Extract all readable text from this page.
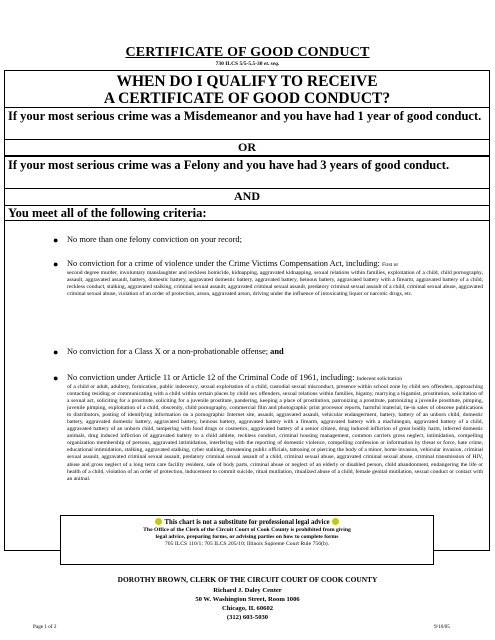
CERTIFICATE OF GOOD CONDUCT
730 ILCS 5/5-5.5-30 et. seq.
WHEN DO I QUALIFY TO RECEIVE
A CERTIFICATE OF GOOD CONDUCT?
If your most serious crime was a Misdemeanor and you have had 1 year of good conduct.
OR
If your most serious crime was a Felony and you have had 3 years of good conduct.
AND
You meet all of the following criteria:
● No more than one felony conviction on your record;
● No conviction for a crime of violence under the Crime Victims Compensation Act, including: First or
second degree murder, involuntary manslaughter and reckless homicide, kidnapping, aggravated kidnapping, sexual relations within families, exploitation of a child, child pornography, assault, aggravated assault, battery, domestic battery, aggravated domestic battery, aggravated battery, heinous battery, aggravated battery with a firearm, aggravated battery of a child, reckless conduct, stalking, aggravated stalking, criminal sexual assault, aggravated criminal sexual assault, predatory criminal sexual assault of a child, criminal sexual abuse, aggravated criminal sexual abuse, violation of an order of protection, arson, aggravated arson, driving under the influence of intoxicating liquor or narcotic drugs, etc.
● No conviction for a Class X or a non-probationable offense; and
● No conviction under Article 11 or Article 12 of the Criminal Code of 1961, including: Indecent solicitation
of a child or adult, adultery, fornication, public indecency, sexual exploitation of a child, custodial sexual misconduct, presence within school zone by child sex offenders, approaching contacting residing or communicating with a child within certain places by child sex offenders, sexual relations within families, bigamy, marrying a bigamist, prostitution, solicitation of a sexual act, soliciting for a prostitute, soliciting for a juvenile prostitute, pandering, keeping a place of prostitution, patronizing a prostitute, patronizing a juvenile prostitute, pimping, juvenile pimping, exploitation of a child, obscenity, child pornography, commercial film and photographic print processor reports, harmful material, tie-in sales of obscene publications to distributors, posting of identifying information on a pornographic Internet site, assault, aggravated assault, vehicular endangerment, battery, battery of an unborn child, domestic battery, aggravated domestic battery, aggravated battery, heinous battery, aggravated battery with a firearm, aggravated battery with a machinegun, aggravated battery of a child, aggravated battery of an unborn child, tampering with food drugs or cosmetics, aggravated battery of a senior citizen, drug induced infliction of great bodily harm, infected domestic animals, drug induced infliction of aggravated battery to a child athlete, reckless conduct, criminal housing management, common carriers gross neglect, intimidation, compelling organization membership of persons, aggravated intimidation, interfering with the reporting of domestic violence, compelling confession or information by threat or force, hate crime, educational intimidation, stalking, aggravated stalking, cyber stalking, threatening public officials, tattooing or piercing the body of a minor, home invasion, vehicular invasion, criminal sexual assault, aggravated criminal sexual assault, predatory criminal sexual assault of a child, criminal sexual abuse, aggravated criminal sexual abuse, criminal transmission of HIV, abuse and gross neglect of a long term care facility resident, sale of body parts, criminal abuse or neglect of an elderly or disabled person, child abandonment, endangering the life or health of a child, violation of an order of protection, inducement to commit suicide, ritual mutilation, ritualized abuse of a child, female genital mutilation, sexual conduct or contact with an animal.
This chart is not a substitute for professional legal advice
The Office of the Clerk of the Circuit Court of Cook County is prohibited from giving
legal advice, preparing forms, or advising parties on how to complete forms
705 ILCS 110/1; 705 ILCS 205/10; Illinois Supreme Court Rule 756(b).
DOROTHY BROWN, CLERK OF THE CIRCUIT COURT OF COOK COUNTY
Richard J. Daley Center
50 W. Washington Street, Room 1006
Chicago, IL 60602
(312) 603-5030
Page 1 of 2	9/16/05
